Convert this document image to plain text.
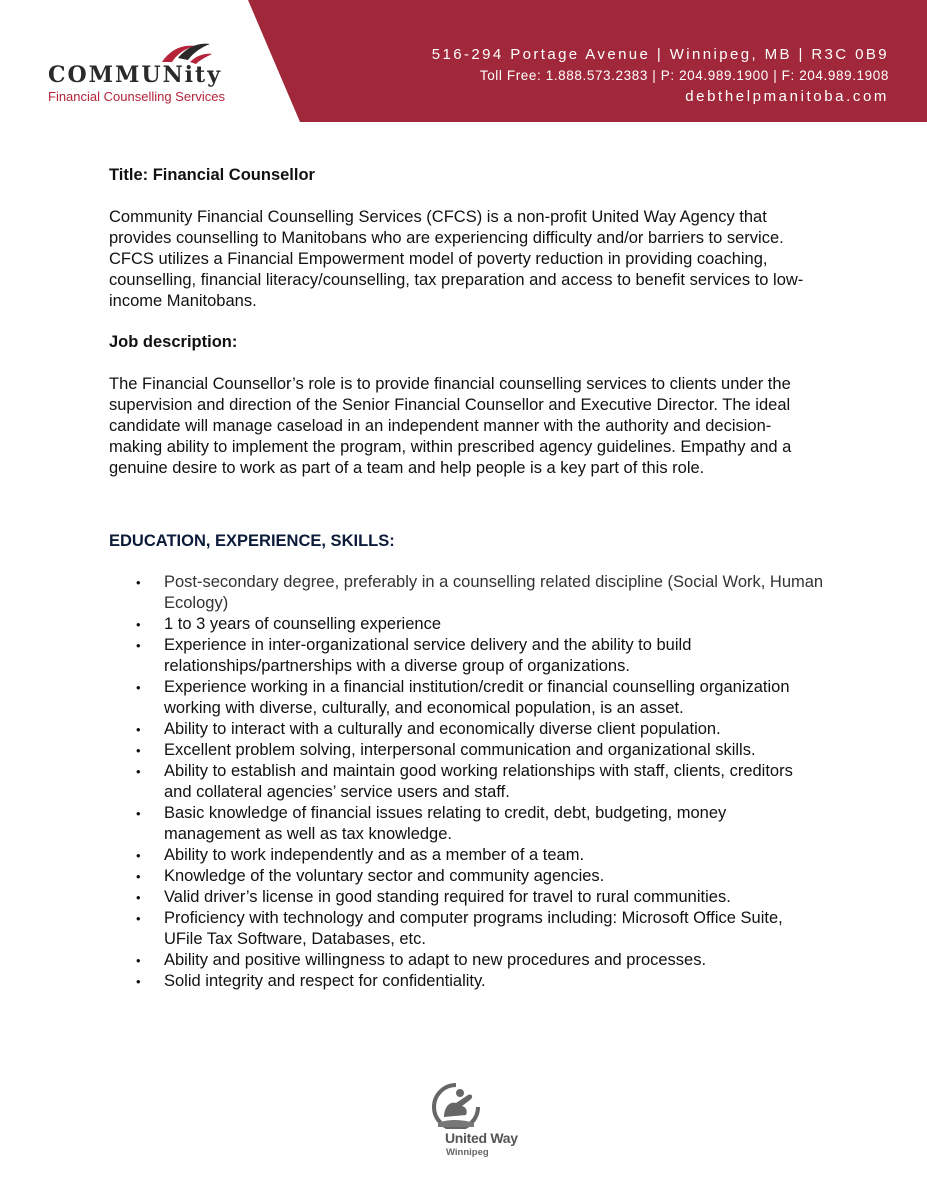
COMMUNity
Financial Counselling Services
516-294 Portage Avenue | Winnipeg, MB | R3C 0B9
Toll Free: 1.888.573.2383 | P: 204.989.1900 | F: 204.989.1908
debthelpmanitoba.com

Title: Financial Counsellor

Community Financial Counselling Services (CFCS) is a non-profit United Way Agency that provides counselling to Manitobans who are experiencing difficulty and/or barriers to service. CFCS utilizes a Financial Empowerment model of poverty reduction in providing coaching, counselling, financial literacy/counselling, tax preparation and access to benefit services to low-income Manitobans.

Job description:

The Financial Counsellor’s role is to provide financial counselling services to clients under the supervision and direction of the Senior Financial Counsellor and Executive Director. The ideal candidate will manage caseload in an independent manner with the authority and decision-making ability to implement the program, within prescribed agency guidelines. Empathy and a genuine desire to work as part of a team and help people is a key part of this role.

EDUCATION, EXPERIENCE, SKILLS:
• Post-secondary degree, preferably in a counselling related discipline (Social Work, Human Ecology)
• 1 to 3 years of counselling experience
• Experience in inter-organizational service delivery and the ability to build relationships/partnerships with a diverse group of organizations.
• Experience working in a financial institution/credit or financial counselling organization working with diverse, culturally, and economical population, is an asset.
• Ability to interact with a culturally and economically diverse client population.
• Excellent problem solving, interpersonal communication and organizational skills.
• Ability to establish and maintain good working relationships with staff, clients, creditors and collateral agencies’ service users and staff.
• Basic knowledge of financial issues relating to credit, debt, budgeting, money management as well as tax knowledge.
• Ability to work independently and as a member of a team.
• Knowledge of the voluntary sector and community agencies.
• Valid driver’s license in good standing required for travel to rural communities.
• Proficiency with technology and computer programs including: Microsoft Office Suite, UFile Tax Software, Databases, etc.
• Ability and positive willingness to adapt to new procedures and processes.
• Solid integrity and respect for confidentiality.
United Way
Winnipeg
